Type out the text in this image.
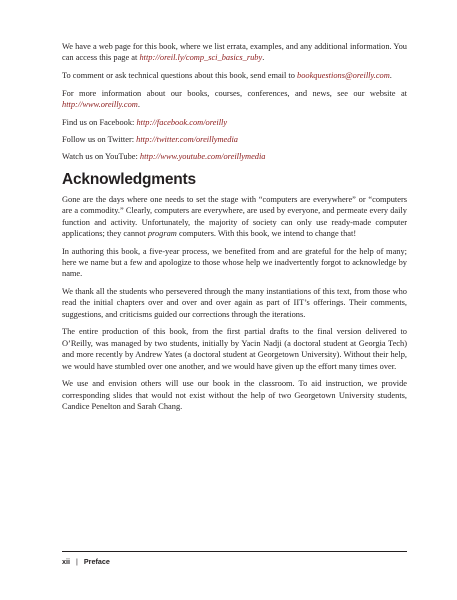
We have a web page for this book, where we list errata, examples, and any additional information. You can access this page at http://oreil.ly/comp_sci_basics_ruby.

To comment or ask technical questions about this book, send email to bookquestions@oreilly.com.

For more information about our books, courses, conferences, and news, see our website at http://www.oreilly.com.

Find us on Facebook: http://facebook.com/oreilly

Follow us on Twitter: http://twitter.com/oreillymedia

Watch us on YouTube: http://www.youtube.com/oreillymedia

Acknowledgments

Gone are the days where one needs to set the stage with “computers are everywhere” or “computers are a commodity.” Clearly, computers are everywhere, are used by everyone, and permeate every daily function and activity. Unfortunately, the majority of society can only use ready-made computer applications; they cannot program computers. With this book, we intend to change that!

In authoring this book, a five-year process, we benefited from and are grateful for the help of many; here we name but a few and apologize to those whose help we inadvertently forgot to acknowledge by name.

We thank all the students who persevered through the many instantiations of this text, from those who read the initial chapters over and over and over again as part of IIT’s offerings. Their comments, suggestions, and criticisms guided our corrections through the iterations.

The entire production of this book, from the first partial drafts to the final version delivered to O’Reilly, was managed by two students, initially by Yacin Nadji (a doctoral student at Georgia Tech) and more recently by Andrew Yates (a doctoral student at Georgetown University). Without their help, we would have stumbled over one another, and we would have given up the effort many times over.

We use and envision others will use our book in the classroom. To aid instruction, we provide corresponding slides that would not exist without the help of two Georgetown University students, Candice Penelton and Sarah Chang.

xii | Preface
